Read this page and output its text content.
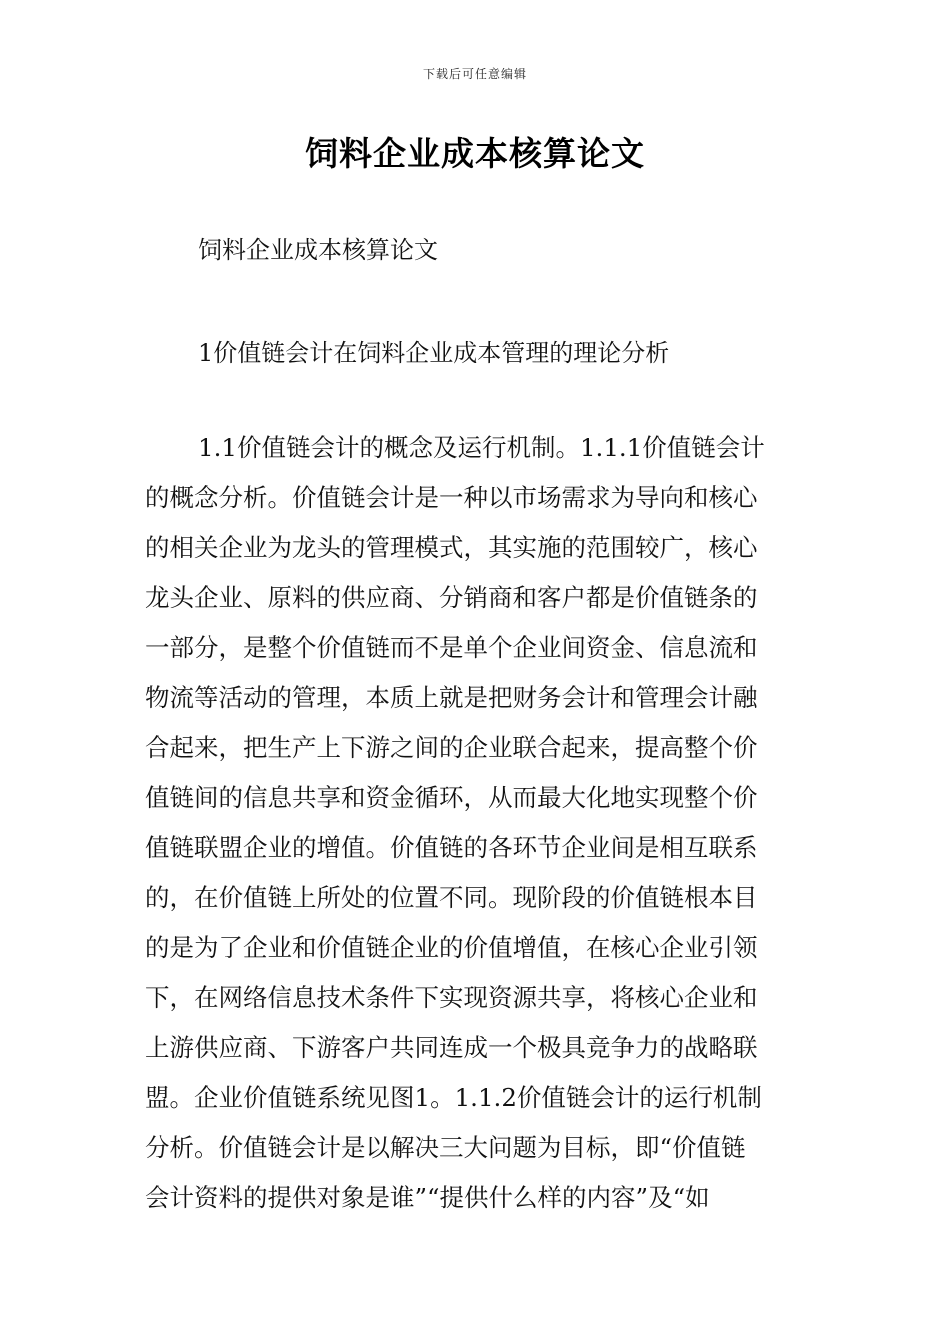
下载后可任意编辑
饲料企业成本核算论文

饲料企业成本核算论文

1价值链会计在饲料企业成本管理的理论分析

1.1价值链会计的概念及运行机制。1.1.1价值链会计
的概念分析。价值链会计是一种以市场需求为导向和核心
的相关企业为龙头的管理模式，其实施的范围较广，核心
龙头企业、原料的供应商、分销商和客户都是价值链条的
一部分，是整个价值链而不是单个企业间资金、信息流和
物流等活动的管理，本质上就是把财务会计和管理会计融
合起来，把生产上下游之间的企业联合起来，提高整个价
值链间的信息共享和资金循环，从而最大化地实现整个价
值链联盟企业的增值。价值链的各环节企业间是相互联系
的，在价值链上所处的位置不同。现阶段的价值链根本目
的是为了企业和价值链企业的价值增值，在核心企业引领
下，在网络信息技术条件下实现资源共享，将核心企业和
上游供应商、下游客户共同连成一个极具竞争力的战略联
盟。企业价值链系统见图1。1.1.2价值链会计的运行机制
分析。价值链会计是以解决三大问题为目标，即“价值链
会计资料的提供对象是谁”“提供什么样的内容”及“如
